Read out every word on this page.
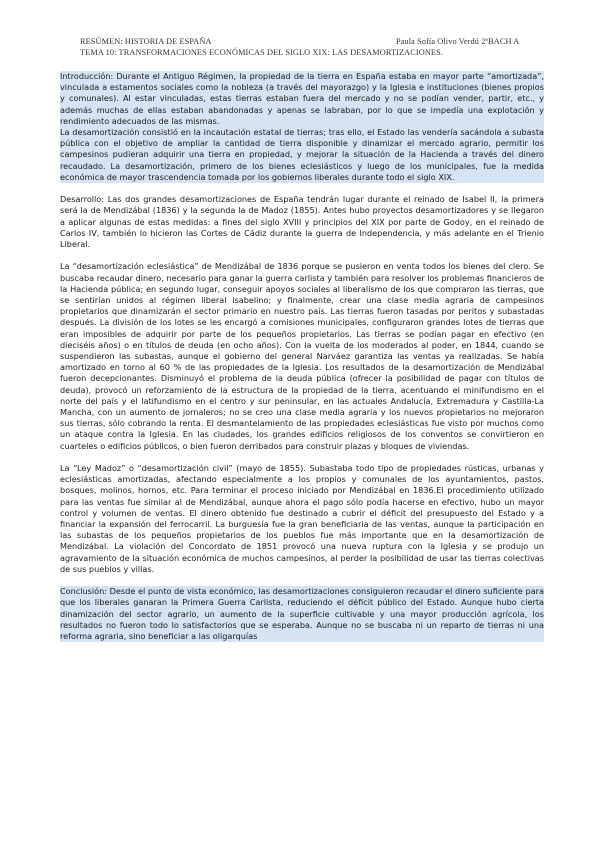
RESÚMEN: HISTORIA DE ESPAÑA	Paula Sofía Olivo Verdú 2ºBACH A
TEMA 10: TRANSFORMACIONES ECONÓMICAS DEL SIGLO XIX: LAS DESAMORTIZACIONES.

Introducción: Durante el Antiguo Régimen, la propiedad de la tierra en España estaba en mayor parte “amortizada”, vinculada a estamentos sociales como la nobleza (a través del mayorazgo) y la Iglesia e instituciones (bienes propios y comunales). Al estar vinculadas, estas tierras estaban fuera del mercado y no se podían vender, partir, etc., y además muchas de ellas estaban abandonadas y apenas se labraban, por lo que se impedía una explotación y rendimiento adecuados de las mismas.

La desamortización consistió en la incautación estatal de tierras; tras ello, el Estado las vendería sacándola a subasta pública con el objetivo de ampliar la cantidad de tierra disponible y dinamizar el mercado agrario, permitir los campesinos pudieran adquirir una tierra en propiedad, y mejorar la situación de la Hacienda a través del dinero recaudado. La desamortización, primero de los bienes eclesiásticos y luego de los municipales, fue la medida económica de mayor trascendencia tomada por los gobiernos liberales durante todo el siglo XIX.

Desarrollo: Las dos grandes desamortizaciones de España tendrán lugar durante el reinado de Isabel II, la primera será la de Mendizábal (1836) y la segunda la de Madoz (1855). Antes hubo proyectos desamortizadores y se llegaron a aplicar algunas de estas medidas: a fines del siglo XVIII y principios del XIX por parte de Godoy, en el reinado de Carlos IV, también lo hicieron las Cortes de Cádiz durante la guerra de Independencia, y más adelante en el Trienio Liberal.

La “desamortización eclesiástica” de Mendizábal de 1836 porque se pusieron en venta todos los bienes del clero. Se buscaba recaudar dinero, necesario para ganar la guerra carlista y también para resolver los problemas financieros de la Hacienda pública; en segundo lugar, conseguir apoyos sociales al liberalismo de los que compraron las tierras, que se sentirían unidos al régimen liberal isabelino; y finalmente, crear una clase media agraria de campesinos propietarios que dinamizarán el sector primario en nuestro país. Las tierras fueron tasadas por peritos y subastadas después. La división de los lotes se les encargó a comisiones municipales, configuraron grandes lotes de tierras que eran imposibles de adquirir por parte de los pequeños propietarios. Las tierras se podían pagar en efectivo (en dieciséis años) o en títulos de deuda (en ocho años). Con la vuelta de los moderados al poder, en 1844, cuando se suspendieron las subastas, aunque el gobierno del general Narváez garantiza las ventas ya realizadas. Se había amortizado en torno al 60 % de las propiedades de la Iglesia. Los resultados de la desamortización de Mendizábal fueron decepcionantes. Disminuyó el problema de la deuda pública (ofrecer la posibilidad de pagar con títulos de deuda), provocó un reforzamiento de la estructura de la propiedad de la tierra, acentuando el minifundismo en el norte del país y el latifundismo en el centro y sur peninsular, en las actuales Andalucía, Extremadura y Castilla-La Mancha, con un aumento de jornaleros; no se creo una clase media agraria y los nuevos propietarios no mejoraron sus tierras, sólo cobrando la renta. El desmantelamiento de las propiedades eclesiásticas fue visto por muchos como un ataque contra la Iglesia. En las ciudades, los grandes edificios religiosos de los conventos se convirtieron en cuarteles o edificios públicos, o bien fueron derribados para construir plazas y bloques de viviendas.

La “Ley Madoz” o “desamortización civil” (mayo de 1855). Subastaba todo tipo de propiedades rústicas, urbanas y eclesiásticas amortizadas, afectando especialmente a los propios y comunales de los ayuntamientos, pastos, bosques, molinos, hornos, etc. Para terminar el proceso iniciado por Mendizábal en 1836.El procedimiento utilizado para las ventas fue similar al de Mendizábal, aunque ahora el pago sólo podía hacerse en efectivo, hubo un mayor control y volumen de ventas. El dinero obtenido fue destinado a cubrir el déficit del presupuesto del Estado y a financiar la expansión del ferrocarril. La burguesía fue la gran beneficiaria de las ventas, aunque la participación en las subastas de los pequeños propietarios de los pueblos fue más importante que en la desamortización de Mendizábal. La violación del Concordato de 1851 provocó una nueva ruptura con la Iglesia y se produjo un agravamiento de la situación económica de muchos campesinos, al perder la posibilidad de usar las tierras colectivas de sus pueblos y villas.

Conclusión: Desde el punto de vista económico, las desamortizaciones consiguieron recaudar el dinero suficiente para que los liberales ganaran la Primera Guerra Carlista, reduciendo el déficit público del Estado. Aunque hubo cierta dinamización del sector agrario, un aumento de la superficie cultivable y una mayor producción agrícola, los resultados no fueron todo lo satisfactorios que se esperaba. Aunque no se buscaba ni un reparto de tierras ni una reforma agraria, sino beneficiar a las oligarquías
